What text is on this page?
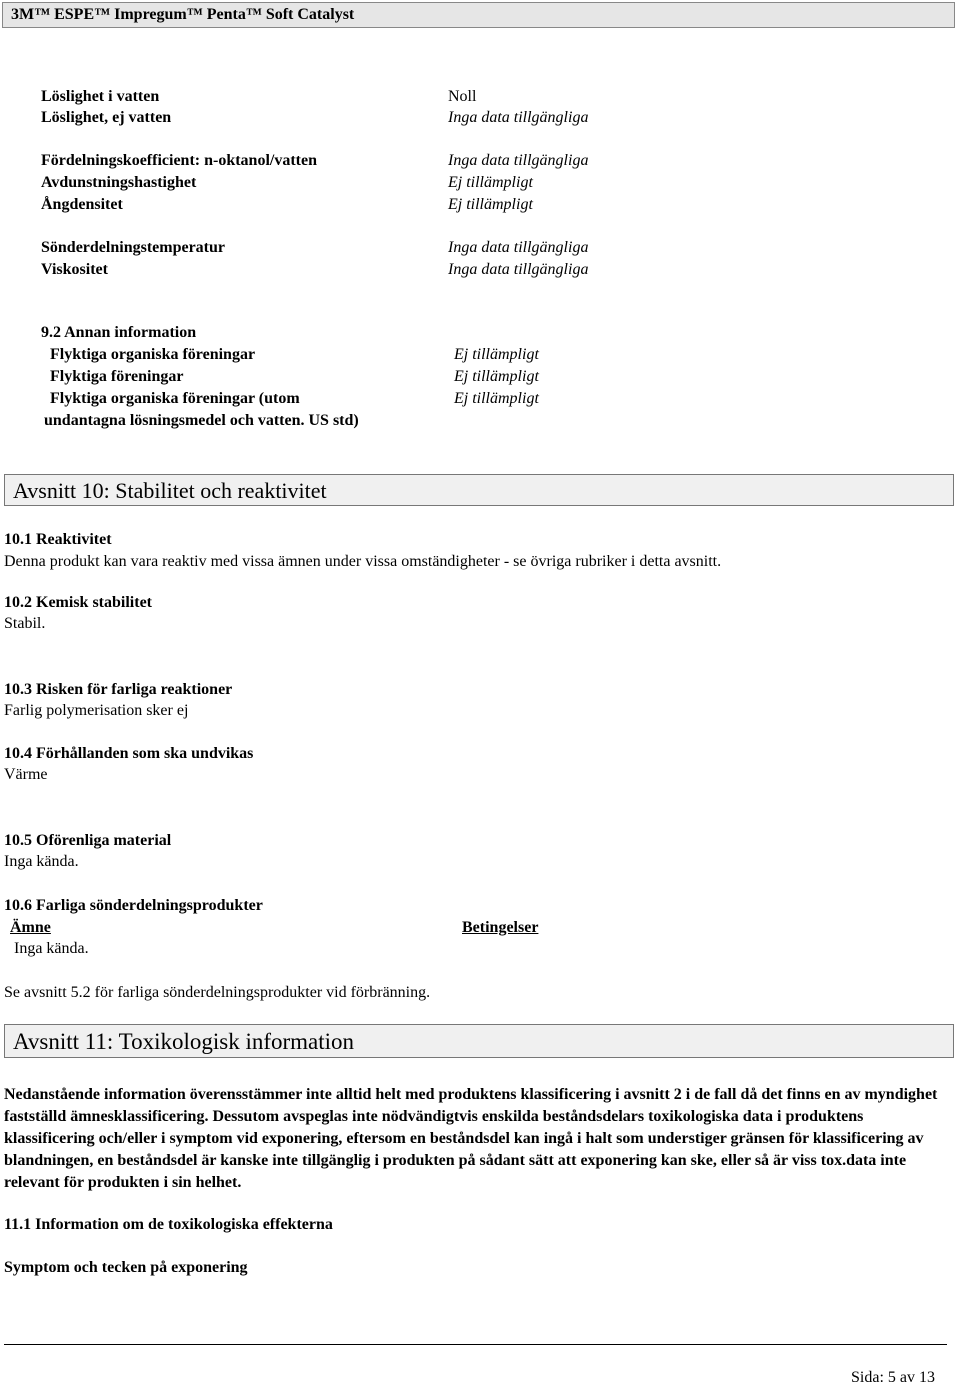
3M™ ESPE™ Impregum™ Penta™ Soft Catalyst
Löslighet i vatten	Noll
Löslighet, ej vatten	Inga data tillgängliga
Fördelningskoefficient: n-oktanol/vatten	Inga data tillgängliga
Avdunstningshastighet	Ej tillämpligt
Ångdensitet	Ej tillämpligt
Sönderdelningstemperatur	Inga data tillgängliga
Viskositet	Inga data tillgängliga
9.2 Annan information
Flyktiga organiska föreningar	Ej tillämpligt
Flyktiga föreningar	Ej tillämpligt
Flyktiga organiska föreningar (utom	Ej tillämpligt
undantagna lösningsmedel och vatten. US std)
Avsnitt 10: Stabilitet och reaktivitet
10.1 Reaktivitet
Denna produkt kan vara reaktiv med vissa ämnen under vissa omständigheter - se övriga rubriker i detta avsnitt.
10.2 Kemisk stabilitet
Stabil.
10.3 Risken för farliga reaktioner
Farlig polymerisation sker ej
10.4 Förhållanden som ska undvikas
Värme
10.5 Oförenliga material
Inga kända.
10.6 Farliga sönderdelningsprodukter
Ämne	Betingelser
Inga kända.
Se avsnitt 5.2 för farliga sönderdelningsprodukter vid förbränning.
Avsnitt 11: Toxikologisk information
Nedanstående information överensstämmer inte alltid helt med produktens klassificering i avsnitt 2 i de fall då det finns en av myndighet fastställd ämnesklassificering. Dessutom avspeglas inte nödvändigtvis enskilda beståndsdelars toxikologiska data i produktens klassificering och/eller i symptom vid exponering, eftersom en beståndsdel kan ingå i halt som understiger gränsen för klassificering av blandningen, en beståndsdel är kanske inte tillgänglig i produkten på sådant sätt att exponering kan ske, eller så är viss tox.data inte relevant för produkten i sin helhet.
11.1 Information om de toxikologiska effekterna
Symptom och tecken på exponering
Sida: 5 av 13
